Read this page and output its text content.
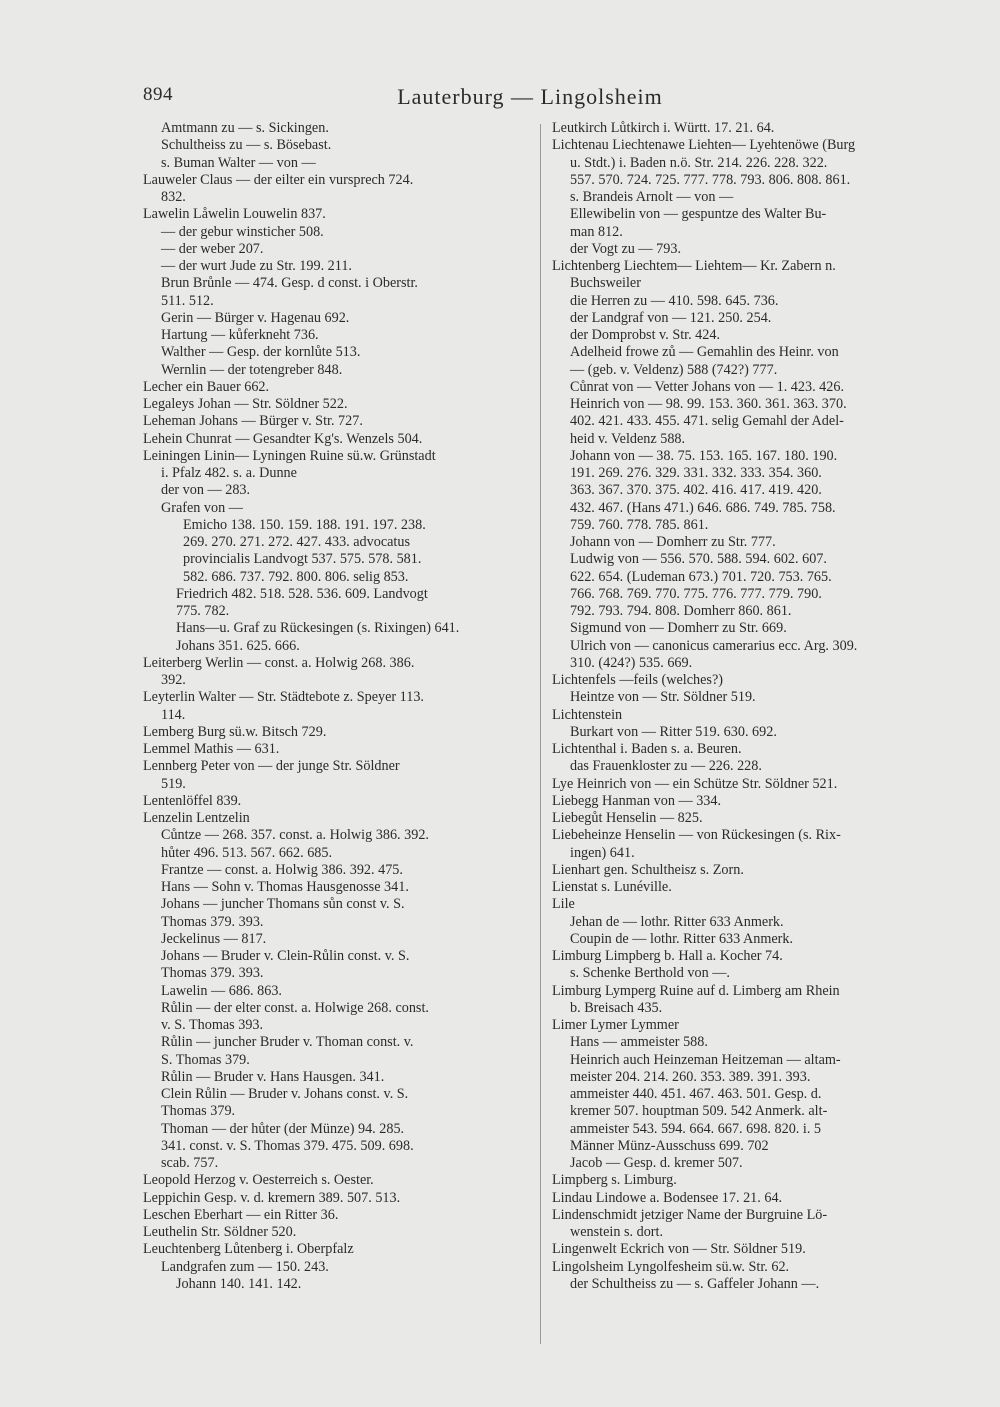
894	Lauterburg — Lingolsheim
Amtmann zu — s. Sickingen.
Schultheiss zu — s. Bösebast.
s. Buman Walter — von —
Lauweler Claus — der eilter ein vursprech 724.
832.
Lawelin Låwelin Louwelin 837.
— der gebur winsticher 508.
— der weber 207.
— der wurt Jude zu Str. 199. 211.
Brun Brůnle — 474. Gesp. d const. i Oberstr.
511. 512.
Gerin — Bürger v. Hagenau 692.
Hartung — kůferkneht 736.
Walther — Gesp. der kornlůte 513.
Wernlin — der totengreber 848.
Lecher ein Bauer 662.
Legaleys Johan — Str. Söldner 522.
Leheman Johans — Bürger v. Str. 727.
Lehein Chunrat — Gesandter Kg's. Wenzels 504.
Leiningen Linin— Lyningen Ruine sü.w. Grünstadt
i. Pfalz 482. s. a. Dunne
der von — 283.
Grafen von —
Emicho 138. 150. 159. 188. 191. 197. 238.
269. 270. 271. 272. 427. 433. advocatus
provincialis Landvogt 537. 575. 578. 581.
582. 686. 737. 792. 800. 806. selig 853.
Friedrich 482. 518. 528. 536. 609. Landvogt
775. 782.
Hans—u. Graf zu Rückesingen (s. Rixingen) 641.
Johans 351. 625. 666.
Leiterberg Werlin — const. a. Holwig 268. 386.
392.
Leyterlin Walter — Str. Städtebote z. Speyer 113.
114.
Lemberg Burg sü.w. Bitsch 729.
Lemmel Mathis — 631.
Lennberg Peter von — der junge Str. Söldner
519.
Lentenlöffel 839.
Lenzelin Lentzelin
Cůntze — 268. 357. const. a. Holwig 386. 392.
hůter 496. 513. 567. 662. 685.
Frantze — const. a. Holwig 386. 392. 475.
Hans — Sohn v. Thomas Hausgenosse 341.
Johans — juncher Thomans sůn const v. S.
Thomas 379. 393.
Jeckelinus — 817.
Johans — Bruder v. Clein-Růlin const. v. S.
Thomas 379. 393.
Lawelin — 686. 863.
Růlin — der elter const. a. Holwige 268. const.
v. S. Thomas 393.
Růlin — juncher Bruder v. Thoman const. v.
S. Thomas 379.
Růlin — Bruder v. Hans Hausgen. 341.
Clein Růlin — Bruder v. Johans const. v. S.
Thomas 379.
Thoman — der hůter (der Münze) 94. 285.
341. const. v. S. Thomas 379. 475. 509. 698.
scab. 757.
Leopold Herzog v. Oesterreich s. Oester.
Leppichin Gesp. v. d. kremern 389. 507. 513.
Leschen Eberhart — ein Ritter 36.
Leuthelin Str. Söldner 520.
Leuchtenberg Lůtenberg i. Oberpfalz
Landgrafen zum — 150. 243.
Johann 140. 141. 142.
Leutkirch Lůtkirch i. Württ. 17. 21. 64.
Lichtenau Liechtenawe Liehten— Lyehtenöwe (Burg
u. Stdt.) i. Baden n.ö. Str. 214. 226. 228. 322.
557. 570. 724. 725. 777. 778. 793. 806. 808. 861.
s. Brandeis Arnolt — von —
Ellewibelin von — gespuntze des Walter Bu-
man 812.
der Vogt zu — 793.
Lichtenberg Liechtem— Liehtem— Kr. Zabern n.
Buchsweiler
die Herren zu — 410. 598. 645. 736.
der Landgraf von — 121. 250. 254.
der Domprobst v. Str. 424.
Adelheid frowe zů — Gemahlin des Heinr. von
— (geb. v. Veldenz) 588 (742?) 777.
Cůnrat von — Vetter Johans von — 1. 423. 426.
Heinrich von — 98. 99. 153. 360. 361. 363. 370.
402. 421. 433. 455. 471. selig Gemahl der Adel-
heid v. Veldenz 588.
Johann von — 38. 75. 153. 165. 167. 180. 190.
191. 269. 276. 329. 331. 332. 333. 354. 360.
363. 367. 370. 375. 402. 416. 417. 419. 420.
432. 467. (Hans 471.) 646. 686. 749. 785. 758.
759. 760. 778. 785. 861.
Johann von — Domherr zu Str. 777.
Ludwig von — 556. 570. 588. 594. 602. 607.
622. 654. (Ludeman 673.) 701. 720. 753. 765.
766. 768. 769. 770. 775. 776. 777. 779. 790.
792. 793. 794. 808. Domherr 860. 861.
Sigmund von — Domherr zu Str. 669.
Ulrich von — canonicus camerarius ecc. Arg. 309.
310. (424?) 535. 669.
Lichtenfels —feils (welches?)
Heintze von — Str. Söldner 519.
Lichtenstein
Burkart von — Ritter 519. 630. 692.
Lichtenthal i. Baden s. a. Beuren.
das Frauenkloster zu — 226. 228.
Lye Heinrich von — ein Schütze Str. Söldner 521.
Liebegg Hanman von — 334.
Liebegůt Henselin — 825.
Liebeheinze Henselin — von Rückesingen (s. Rix-
ingen) 641.
Lienhart gen. Schultheisz s. Zorn.
Lienstat s. Lunéville.
Lile
Jehan de — lothr. Ritter 633 Anmerk.
Coupin de — lothr. Ritter 633 Anmerk.
Limburg Limpberg b. Hall a. Kocher 74.
s. Schenke Berthold von —.
Limburg Lymperg Ruine auf d. Limberg am Rhein
b. Breisach 435.
Limer Lymer Lymmer
Hans — ammeister 588.
Heinrich auch Heinzeman Heitzeman — altam-
meister 204. 214. 260. 353. 389. 391. 393.
ammeister 440. 451. 467. 463. 501. Gesp. d.
kremer 507. houptman 509. 542 Anmerk. alt-
ammeister 543. 594. 664. 667. 698. 820. i. 5
Männer Münz-Ausschuss 699. 702
Jacob — Gesp. d. kremer 507.
Limpberg s. Limburg.
Lindau Lindowe a. Bodensee 17. 21. 64.
Lindenschmidt jetziger Name der Burgruine Lö-
wenstein s. dort.
Lingenwelt Eckrich von — Str. Söldner 519.
Lingolsheim Lyngolfesheim sü.w. Str. 62.
der Schultheiss zu — s. Gaffeler Johann —.
